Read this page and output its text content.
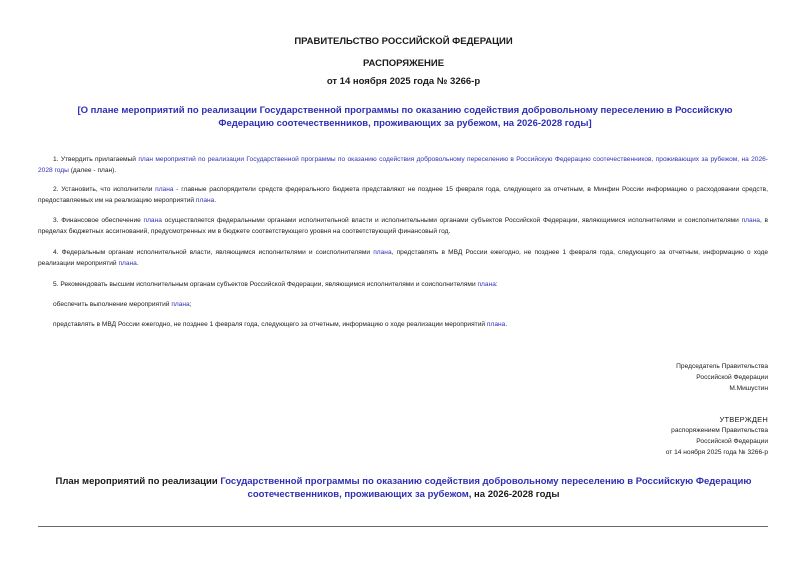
ПРАВИТЕЛЬСТВО РОССИЙСКОЙ ФЕДЕРАЦИИ
РАСПОРЯЖЕНИЕ
от 14 ноября 2025 года № 3266-р
[О плане мероприятий по реализации Государственной программы по оказанию содействия добровольному переселению в Российскую Федерацию соотечественников, проживающих за рубежом, на 2026-2028 годы]
1. Утвердить прилагаемый план мероприятий по реализации Государственной программы по оказанию содействия добровольному переселению в Российскую Федерацию соотечественников, проживающих за рубежом, на 2026-2028 годы (далее - план).
2. Установить, что исполнители плана - главные распорядители средств федерального бюджета представляют не позднее 15 февраля года, следующего за отчетным, в Минфин России информацию о расходовании средств, предоставляемых им на реализацию мероприятий плана.
3. Финансовое обеспечение плана осуществляется федеральными органами исполнительной власти и исполнительными органами субъектов Российской Федерации, являющимися исполнителями и соисполнителями плана, в пределах бюджетных ассигнований, предусмотренных им в бюджете соответствующего уровня на соответствующий финансовый год.
4. Федеральным органам исполнительной власти, являющимся исполнителями и соисполнителями плана, представлять в МВД России ежегодно, не позднее 1 февраля года, следующего за отчетным, информацию о ходе реализации мероприятий плана.
5. Рекомендовать высшим исполнительным органам субъектов Российской Федерации, являющимся исполнителями и соисполнителями плана:
обеспечить выполнение мероприятий плана;
представлять в МВД России ежегодно, не позднее 1 февраля года, следующего за отчетным, информацию о ходе реализации мероприятий плана.
Председатель Правительства
Российской Федерации
М.Мишустин
УТВЕРЖДЕН
распоряжением Правительства
Российской Федерации
от 14 ноября 2025 года № 3266-р
План мероприятий по реализации Государственной программы по оказанию содействия добровольному переселению в Российскую Федерацию соотечественников, проживающих за рубежом, на 2026-2028 годы
